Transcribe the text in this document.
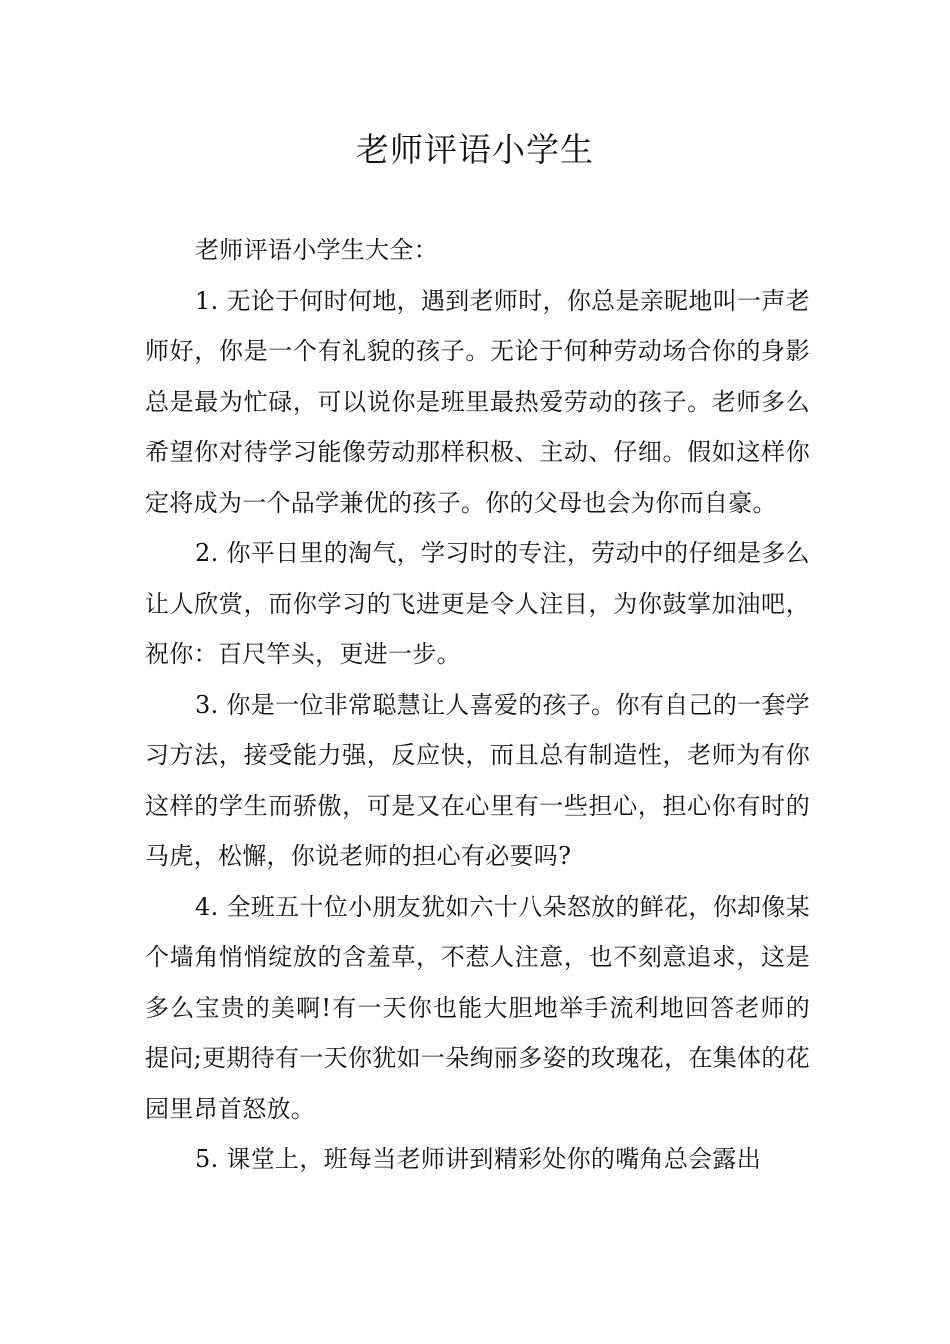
老师评语小学生

老师评语小学生大全：

1. 无论于何时何地，遇到老师时，你总是亲昵地叫一声老师好，你是一个有礼貌的孩子。无论于何种劳动场合你的身影总是最为忙碌，可以说你是班里最热爱劳动的孩子。老师多么希望你对待学习能像劳动那样积极、主动、仔细。假如这样你定将成为一个品学兼优的孩子。你的父母也会为你而自豪。

2. 你平日里的淘气，学习时的专注，劳动中的仔细是多么让人欣赏，而你学习的飞进更是令人注目，为你鼓掌加油吧，祝你：百尺竿头，更进一步。

3. 你是一位非常聪慧让人喜爱的孩子。你有自己的一套学习方法，接受能力强，反应快，而且总有制造性，老师为有你这样的学生而骄傲，可是又在心里有一些担心，担心你有时的马虎，松懈，你说老师的担心有必要吗?

4. 全班五十位小朋友犹如六十八朵怒放的鲜花，你却像某个墙角悄悄绽放的含羞草，不惹人注意，也不刻意追求，这是多么宝贵的美啊!有一天你也能大胆地举手流利地回答老师的提问;更期待有一天你犹如一朵绚丽多姿的玫瑰花，在集体的花园里昂首怒放。

5. 课堂上，班每当老师讲到精彩处你的嘴角总会露出
